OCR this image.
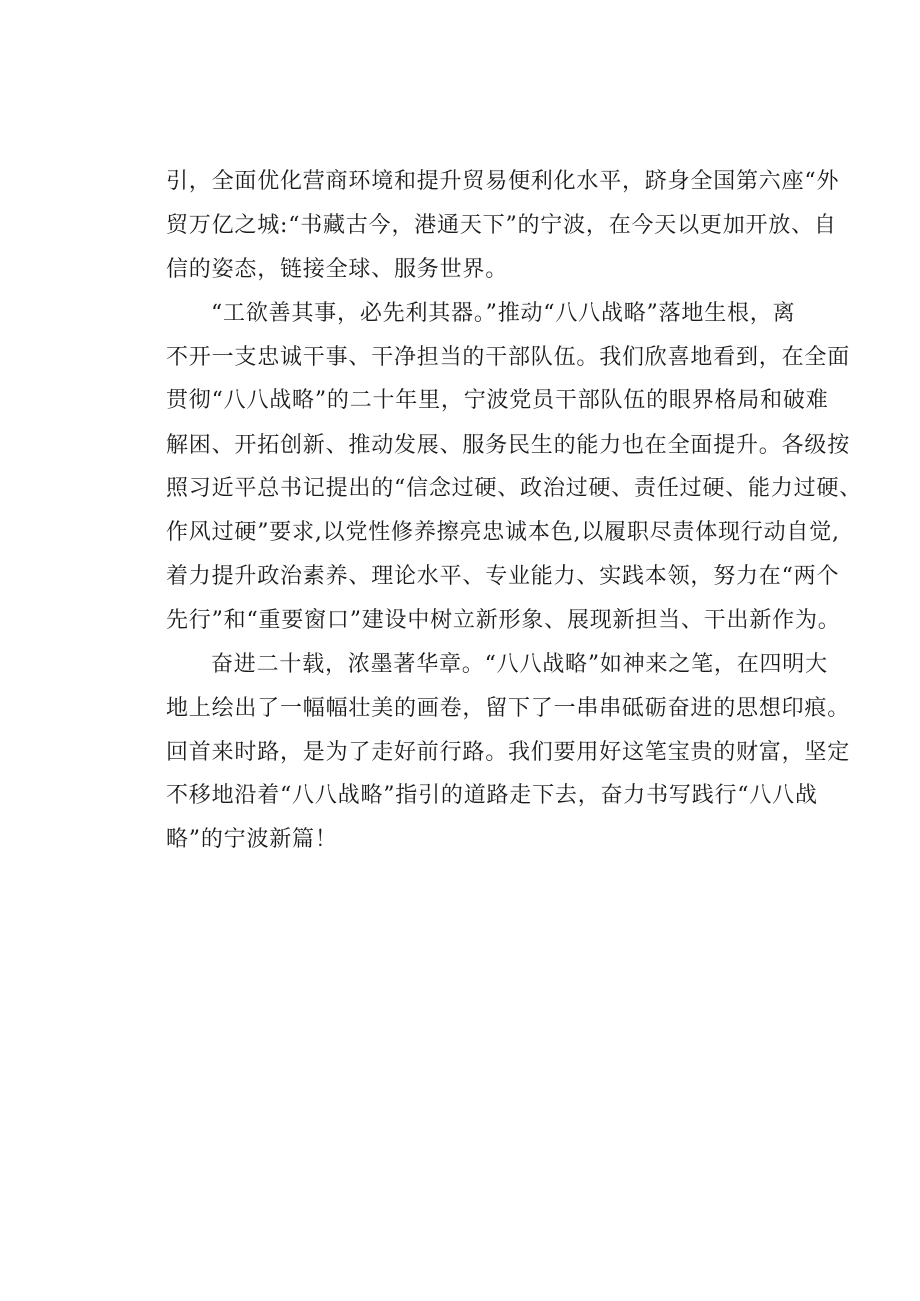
引，全面优化营商环境和提升贸易便利化水平，跻身全国第六座“外
贸万亿之城:“书藏古今，港通天下”的宁波，在今天以更加开放、自
信的姿态，链接全球、服务世界。
“工欲善其事，必先利其器。”推动“八八战略”落地生根，离
不开一支忠诚干事、干净担当的干部队伍。我们欣喜地看到，在全面
贯彻“八八战略”的二十年里，宁波党员干部队伍的眼界格局和破难
解困、开拓创新、推动发展、服务民生的能力也在全面提升。各级按
照习近平总书记提出的“信念过硬、政治过硬、责任过硬、能力过硬、
作风过硬”要求,以党性修养擦亮忠诚本色,以履职尽责体现行动自觉,
着力提升政治素养、理论水平、专业能力、实践本领，努力在“两个
先行”和“重要窗口”建设中树立新形象、展现新担当、干出新作为。
奋进二十载，浓墨著华章。“八八战略”如神来之笔，在四明大
地上绘出了一幅幅壮美的画卷，留下了一串串砥砺奋进的思想印痕。
回首来时路，是为了走好前行路。我们要用好这笔宝贵的财富，坚定
不移地沿着“八八战略”指引的道路走下去，奋力书写践行“八八战
略”的宁波新篇！
